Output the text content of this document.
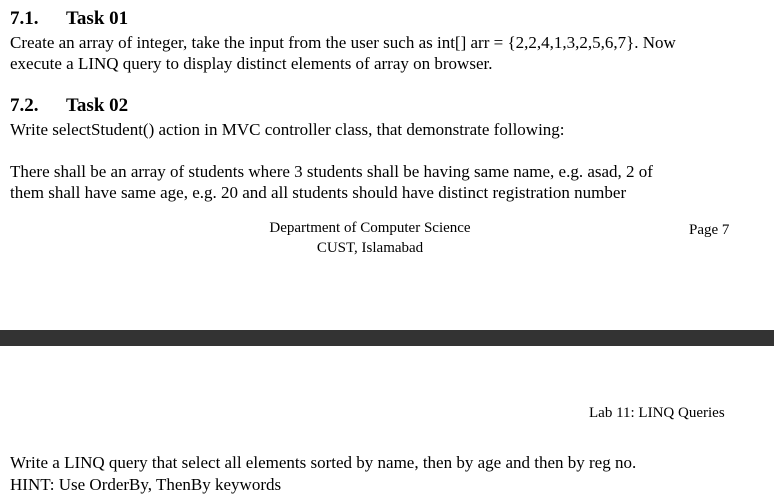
7.1. Task 01
Create an array of integer, take the input from the user such as int[] arr = {2,2,4,1,3,2,5,6,7}. Now
execute a LINQ query to display distinct elements of array on browser.
7.2. Task 02
Write selectStudent() action in MVC controller class, that demonstrate following:
There shall be an array of students where 3 students shall be having same name, e.g. asad, 2 of
them shall have same age, e.g. 20 and all students should have distinct registration number
Department of Computer Science
CUST, Islamabad
Page 7
Lab 11: LINQ Queries
Write a LINQ query that select all elements sorted by name, then by age and then by reg no.
HINT: Use OrderBy, ThenBy keywords
